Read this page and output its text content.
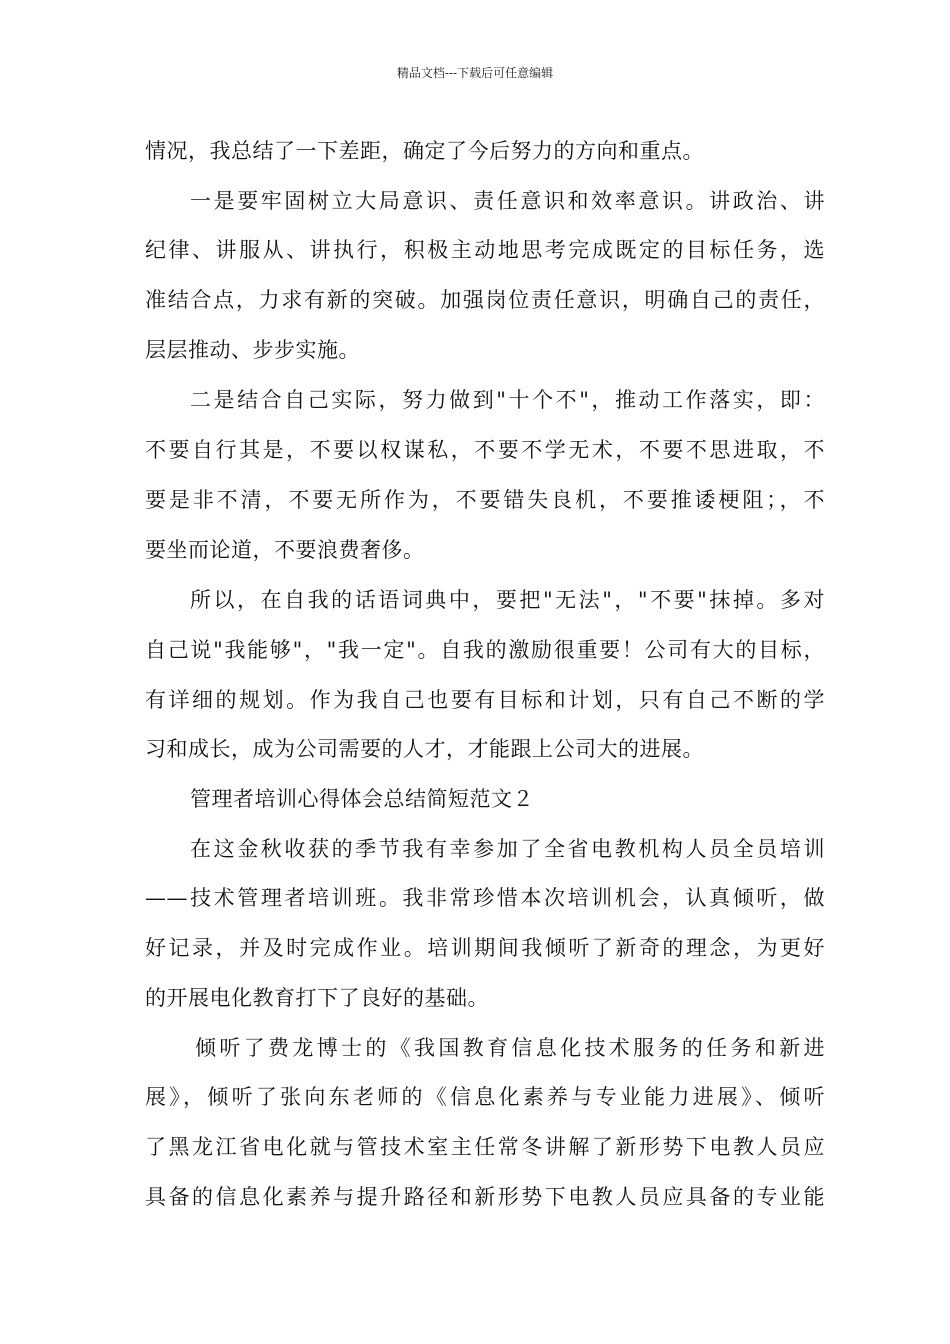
精品文档---下载后可任意编辑
情况，我总结了一下差距，确定了今后努力的方向和重点。
一是要牢固树立大局意识、责任意识和效率意识。讲政治、讲
纪律、讲服从、讲执行，积极主动地思考完成既定的目标任务，选
准结合点，力求有新的突破。加强岗位责任意识，明确自己的责任，
层层推动、步步实施。
二是结合自己实际，努力做到"十个不"，推动工作落实，即：
不要自行其是，不要以权谋私，不要不学无术，不要不思进取，不
要是非不清，不要无所作为，不要错失良机，不要推诿梗阻；，不
要坐而论道，不要浪费奢侈。
所以，在自我的话语词典中，要把"无法"，"不要"抹掉。多对
自己说"我能够"，"我一定"。自我的激励很重要！公司有大的目标，
有详细的规划。作为我自己也要有目标和计划，只有自己不断的学
习和成长，成为公司需要的人才，才能跟上公司大的进展。
管理者培训心得体会总结简短范文２
在这金秋收获的季节我有幸参加了全省电教机构人员全员培训
——技术管理者培训班。我非常珍惜本次培训机会，认真倾听，做
好记录，并及时完成作业。培训期间我倾听了新奇的理念，为更好
的开展电化教育打下了良好的基础。
倾听了费龙博士的《我国教育信息化技术服务的任务和新进
展》，倾听了张向东老师的《信息化素养与专业能力进展》、倾听
了黑龙江省电化就与管技术室主任常冬讲解了新形势下电教人员应
具备的信息化素养与提升路径和新形势下电教人员应具备的专业能
